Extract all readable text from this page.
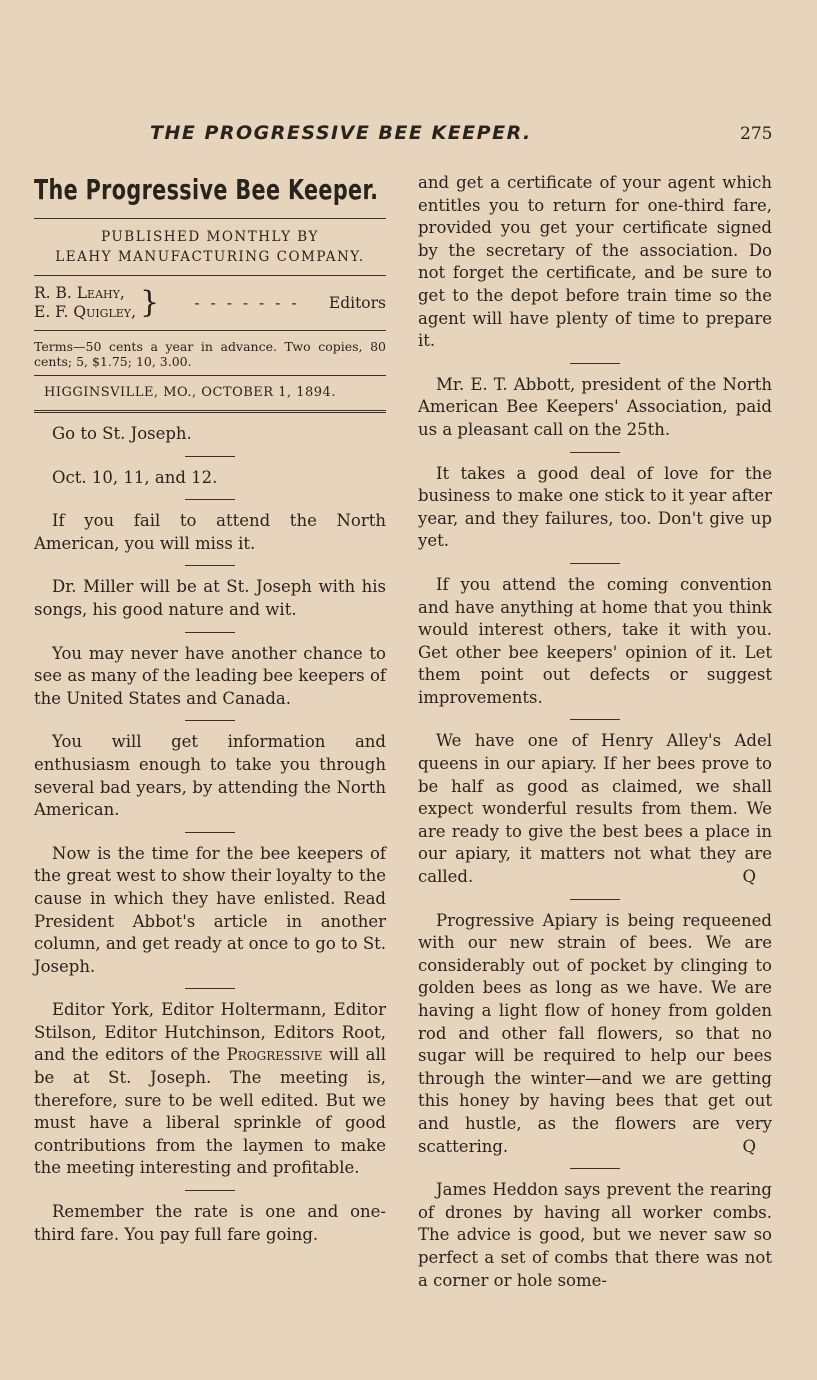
THE PROGRESSIVE BEE KEEPER.	275
The Progressive Bee Keeper.
PUBLISHED MONTHLY BY
LEAHY MANUFACTURING COMPANY.
R. B. Leahy,
E. F. Quigley, }	- - - - - - -	Editors
Terms—50 cents a year in advance. Two copies, 80 cents; 5, $1.75; 10, 3.00.
HIGGINSVILLE, MO., OCTOBER 1, 1894.

Go to St. Joseph.

Oct. 10, 11, and 12.

If you fail to attend the North American, you will miss it.

Dr. Miller will be at St. Joseph with his songs, his good nature and wit.

You may never have another chance to see as many of the leading bee keepers of the United States and Canada.

You will get information and enthusiasm enough to take you through several bad years, by attending the North American.

Now is the time for the bee keepers of the great west to show their loyalty to the cause in which they have enlisted. Read President Abbot's article in another column, and get ready at once to go to St. Joseph.

Editor York, Editor Holtermann, Editor Stilson, Editor Hutchinson, Editors Root, and the editors of the Progressive will all be at St. Joseph. The meeting is, therefore, sure to be well edited. But we must have a liberal sprinkle of good contributions from the laymen to make the meeting interesting and profitable.

Remember the rate is one and one-third fare. You pay full fare going.

and get a certificate of your agent which entitles you to return for one-third fare, provided you get your certificate signed by the secretary of the association. Do not forget the certificate, and be sure to get to the depot before train time so the agent will have plenty of time to prepare it.

Mr. E. T. Abbott, president of the North American Bee Keepers' Association, paid us a pleasant call on the 25th.

It takes a good deal of love for the business to make one stick to it year after year, and they failures, too. Don't give up yet.

If you attend the coming convention and have anything at home that you think would interest others, take it with you. Get other bee keepers' opinion of it. Let them point out defects or suggest improvements.

We have one of Henry Alley's Adel queens in our apiary. If her bees prove to be half as good as claimed, we shall expect wonderful results from them. We are ready to give the best bees a place in our apiary, it matters not what they are called.	Q

Progressive Apiary is being requeened with our new strain of bees. We are considerably out of pocket by clinging to golden bees as long as we have. We are having a light flow of honey from golden rod and other fall flowers, so that no sugar will be required to help our bees through the winter—and we are getting this honey by having bees that get out and hustle, as the flowers are very scattering.	Q

James Heddon says prevent the rearing of drones by having all worker combs. The advice is good, but we never saw so perfect a set of combs that there was not a corner or hole some-
